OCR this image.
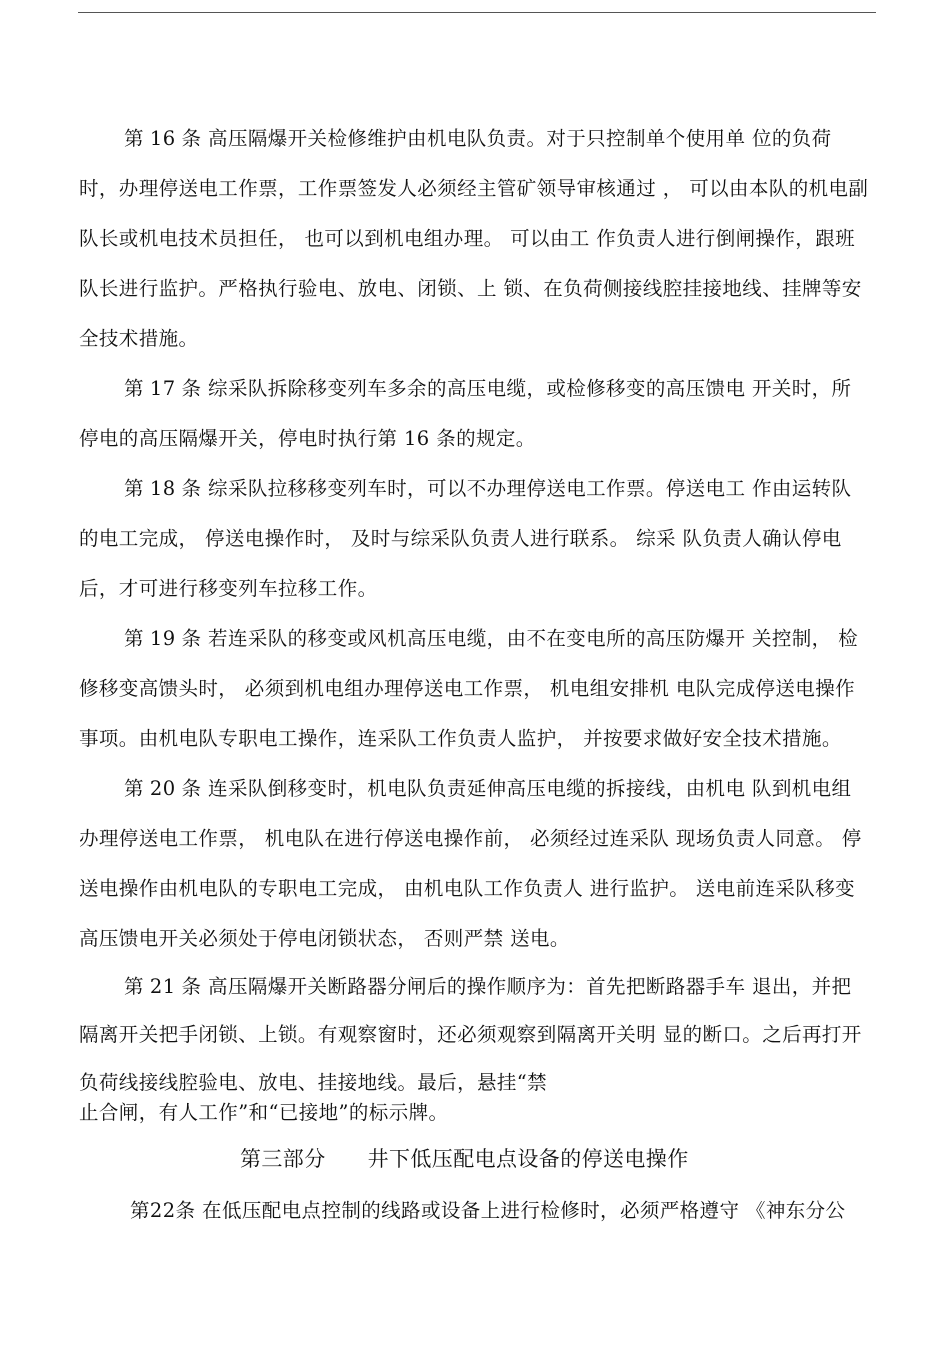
第 16 条 高压隔爆开关检修维护由机电队负责。对于只控制单个使用单 位的负荷
时，办理停送电工作票，工作票签发人必须经主管矿领导审核通过 ， 可以由本队的机电副
队长或机电技术员担任， 也可以到机电组办理。 可以由工 作负责人进行倒闸操作，跟班
队长进行监护。严格执行验电、放电、闭锁、上 锁、在负荷侧接线腔挂接地线、挂牌等安
全技术措施。
第 17 条 综采队拆除移变列车多余的高压电缆，或检修移变的高压馈电 开关时，所
停电的高压隔爆开关，停电时执行第 16 条的规定。
第 18 条 综采队拉移移变列车时，可以不办理停送电工作票。停送电工 作由运转队
的电工完成， 停送电操作时， 及时与综采队负责人进行联系。 综采 队负责人确认停电
后，才可进行移变列车拉移工作。
第 19 条 若连采队的移变或风机高压电缆，由不在变电所的高压防爆开 关控制， 检
修移变高馈头时， 必须到机电组办理停送电工作票， 机电组安排机 电队完成停送电操作
事项。由机电队专职电工操作，连采队工作负责人监护， 并按要求做好安全技术措施。
第 20 条 连采队倒移变时，机电队负责延伸高压电缆的拆接线，由机电 队到机电组
办理停送电工作票， 机电队在进行停送电操作前， 必须经过连采队 现场负责人同意。 停
送电操作由机电队的专职电工完成， 由机电队工作负责人 进行监护。 送电前连采队移变
高压馈电开关必须处于停电闭锁状态， 否则严禁 送电。
第 21 条 高压隔爆开关断路器分闸后的操作顺序为：首先把断路器手车 退出，并把
隔离开关把手闭锁、上锁。有观察窗时，还必须观察到隔离开关明 显的断口。之后再打开
负荷线接线腔验电、放电、挂接地线。最后，悬挂“禁
止合闸，有人工作”和“已接地”的标示牌。
第三部分 井下低压配电点设备的停送电操作
第22条 在低压配电点控制的线路或设备上进行检修时，必须严格遵守 《神东分公
